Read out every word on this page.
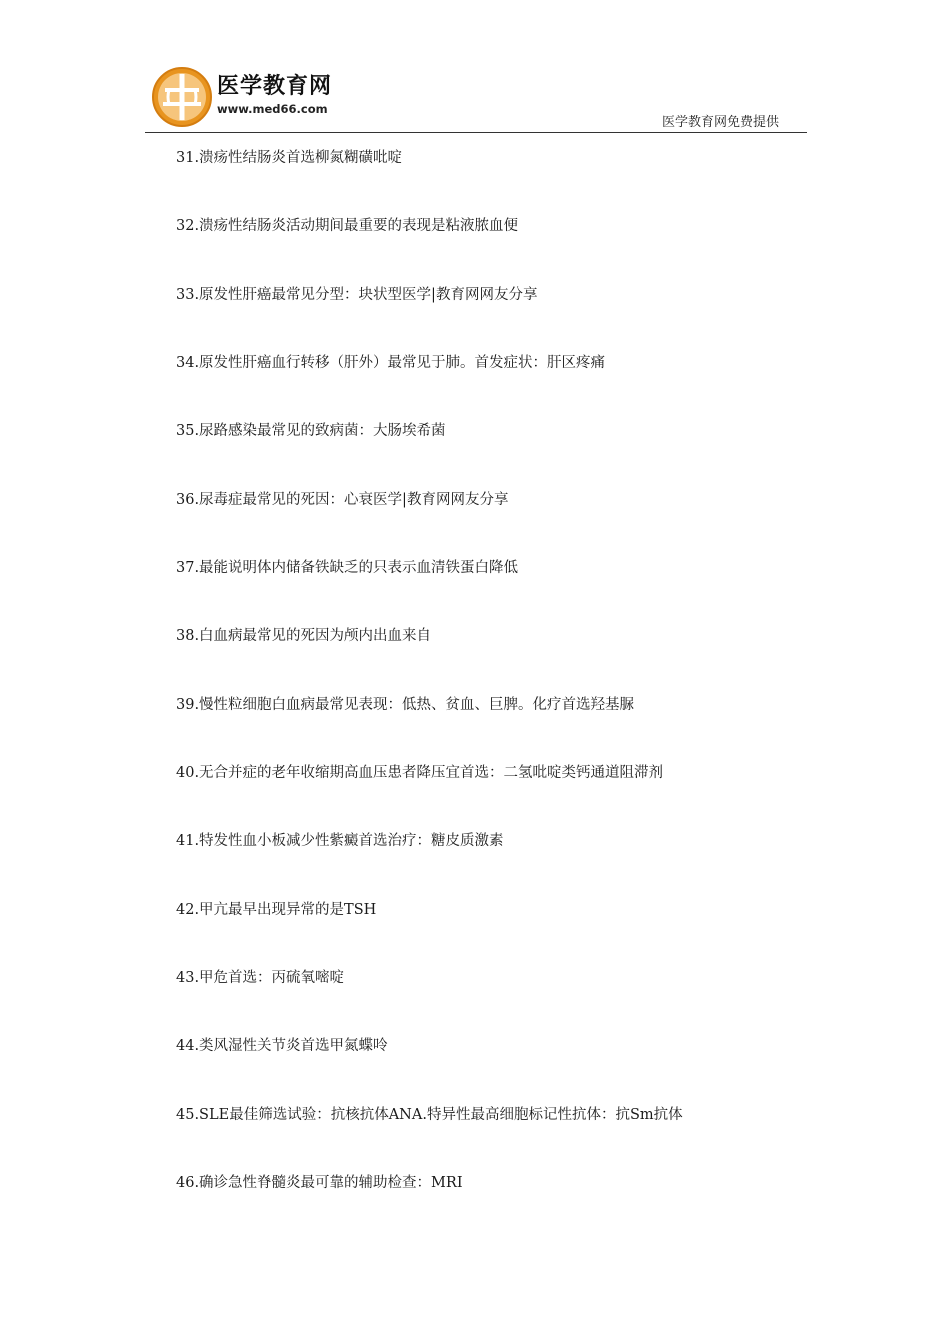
医学教育网
www.med66.com
医学教育网免费提供
31.溃疡性结肠炎首选柳氮糊磺吡啶
32.溃疡性结肠炎活动期间最重要的表现是粘液脓血便
33.原发性肝癌最常见分型：块状型医学|教育网网友分享
34.原发性肝癌血行转移（肝外）最常见于肺。首发症状：肝区疼痛
35.尿路感染最常见的致病菌：大肠埃希菌
36.尿毒症最常见的死因：心衰医学|教育网网友分享
37.最能说明体内储备铁缺乏的只表示血清铁蛋白降低
38.白血病最常见的死因为颅内出血来自
39.慢性粒细胞白血病最常见表现：低热、贫血、巨脾。化疗首选羟基脲
40.无合并症的老年收缩期高血压患者降压宜首选：二氢吡啶类钙通道阻滞剂
41.特发性血小板减少性紫癜首选治疗：糖皮质激素
42.甲亢最早出现异常的是TSH
43.甲危首选：丙硫氧嘧啶
44.类风湿性关节炎首选甲氮蝶呤
45.SLE最佳筛选试验：抗核抗体ANA.特异性最高细胞标记性抗体：抗Sm抗体
46.确诊急性脊髓炎最可靠的辅助检查：MRI
